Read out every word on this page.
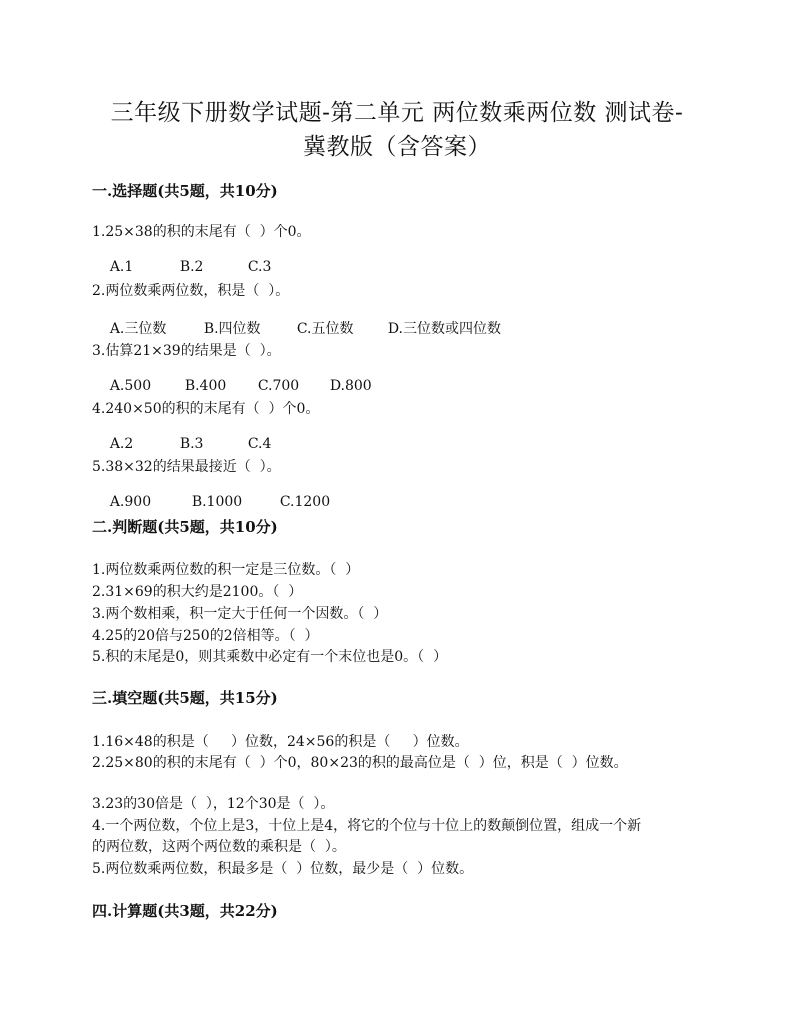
三年级下册数学试题-第二单元 两位数乘两位数 测试卷-
冀教版（含答案）
一.选择题(共5题，共10分)
1.25×38的积的末尾有（  ）个0。

A.1	B.2	C.3

2.两位数乘两位数，积是（  ）。

A.三位数	B.四位数	C.五位数 D.三位数或四位数

3.估算21×39的结果是（  ）。

A.500 B.400 C.700 D.800

4.240×50的积的末尾有（  ）个0。

A.2	B.3	C.4

5.38×32的结果最接近（  ）。

A.900	B.1000	C.1200

二.判断题(共5题，共10分)
1.两位数乘两位数的积一定是三位数。（  ）
2.31×69的积大约是2100。（  ）
3.两个数相乘，积一定大于任何一个因数。（  ）
4.25的20倍与250的2倍相等。（  ）
5.积的末尾是0，则其乘数中必定有一个末位也是0。（  ）
三.填空题(共5题，共15分)
1.16×48的积是（     ）位数，24×56的积是（     ）位数。
2.25×80的积的末尾有（  ）个0，80×23的积的最高位是（  ）位，积是（  ）位数。
3.23的30倍是（  ），12个30是（  ）。
4.一个两位数，个位上是3，十位上是4，将它的个位与十位上的数颠倒位置，组成一个新
的两位数，这两个两位数的乘积是（  ）。
5.两位数乘两位数，积最多是（  ）位数，最少是（  ）位数。
四.计算题(共3题，共22分)
